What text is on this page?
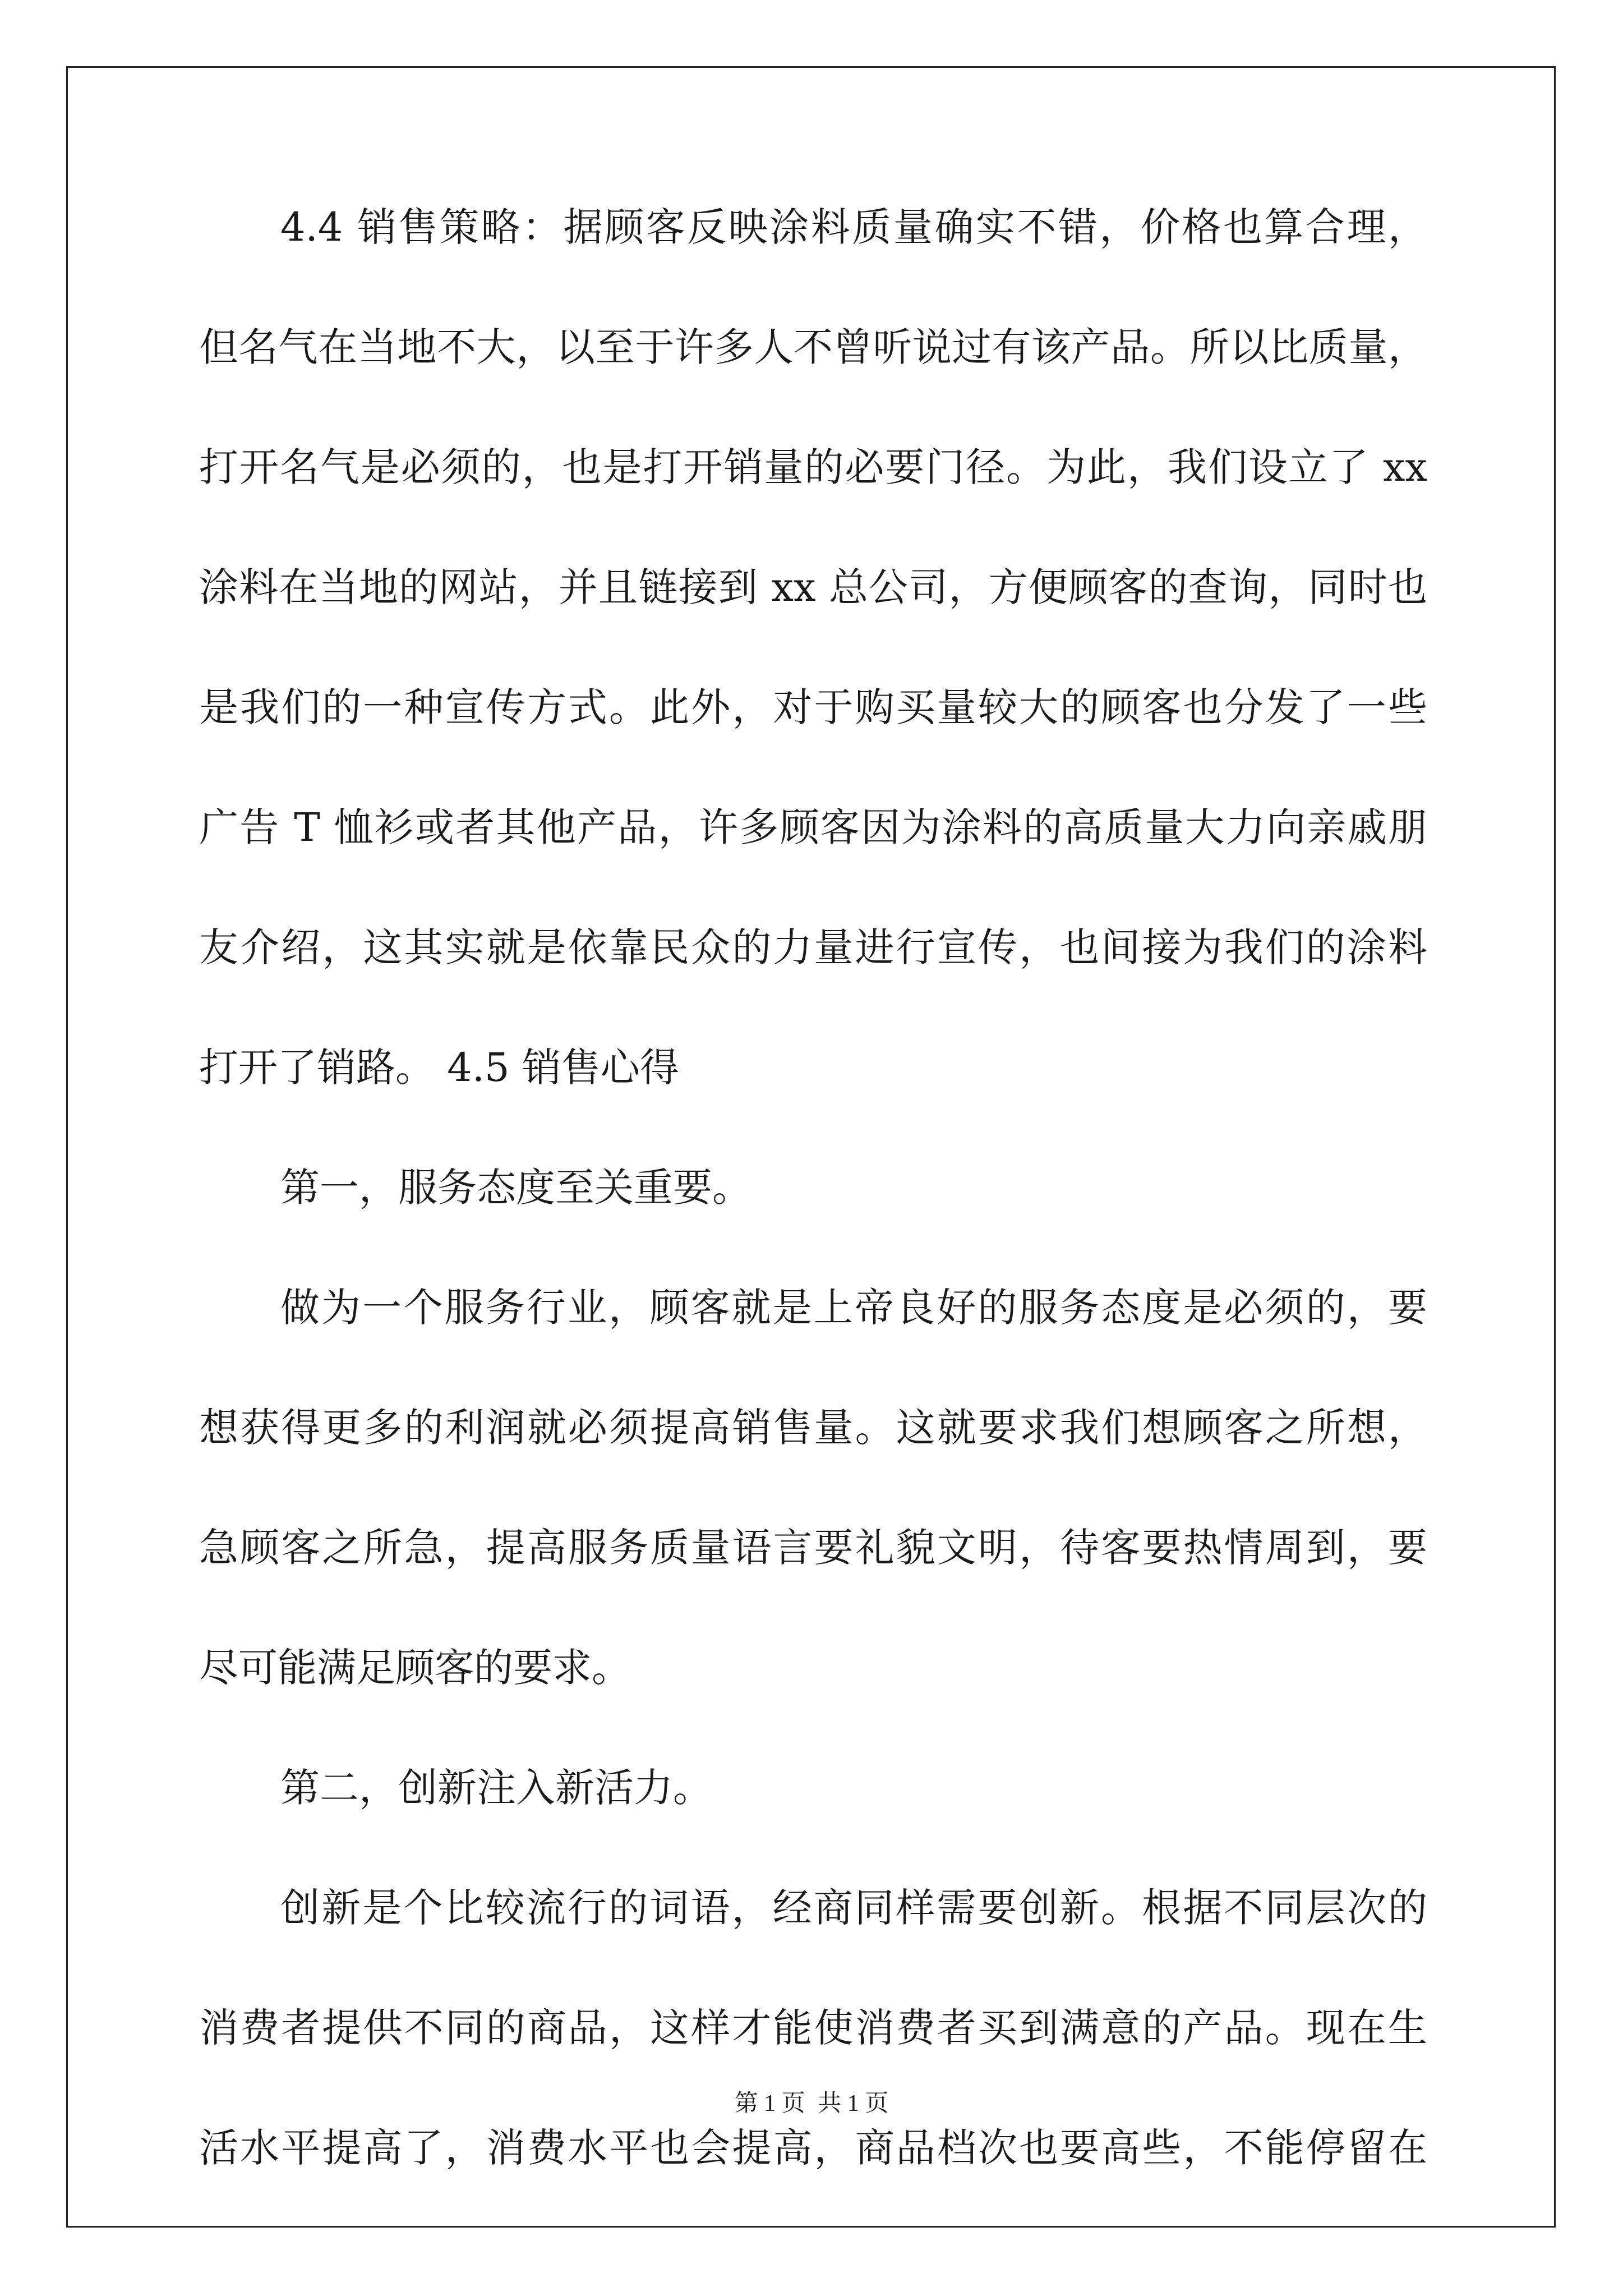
4.4 销售策略：据顾客反映涂料质量确实不错，价格也算合理，
但名气在当地不大，以至于许多人不曾听说过有该产品。所以比质量，
打开名气是必须的，也是打开销量的必要门径。为此，我们设立了 xx
涂料在当地的网站，并且链接到 xx 总公司，方便顾客的查询，同时也
是我们的一种宣传方式。此外，对于购买量较大的顾客也分发了一些
广告 T 恤衫或者其他产品，许多顾客因为涂料的高质量大力向亲戚朋
友介绍，这其实就是依靠民众的力量进行宣传，也间接为我们的涂料
打开了销路。 4.5 销售心得
第一，服务态度至关重要。
做为一个服务行业，顾客就是上帝良好的服务态度是必须的，要
想获得更多的利润就必须提高销售量。这就要求我们想顾客之所想，
急顾客之所急，提高服务质量语言要礼貌文明，待客要热情周到，要
尽可能满足顾客的要求。
第二，创新注入新活力。
创新是个比较流行的词语，经商同样需要创新。根据不同层次的
消费者提供不同的商品，这样才能使消费者买到满意的产品。现在生
活水平提高了，消费水平也会提高，商品档次也要高些，不能停留在
第 1 页 共 1 页
